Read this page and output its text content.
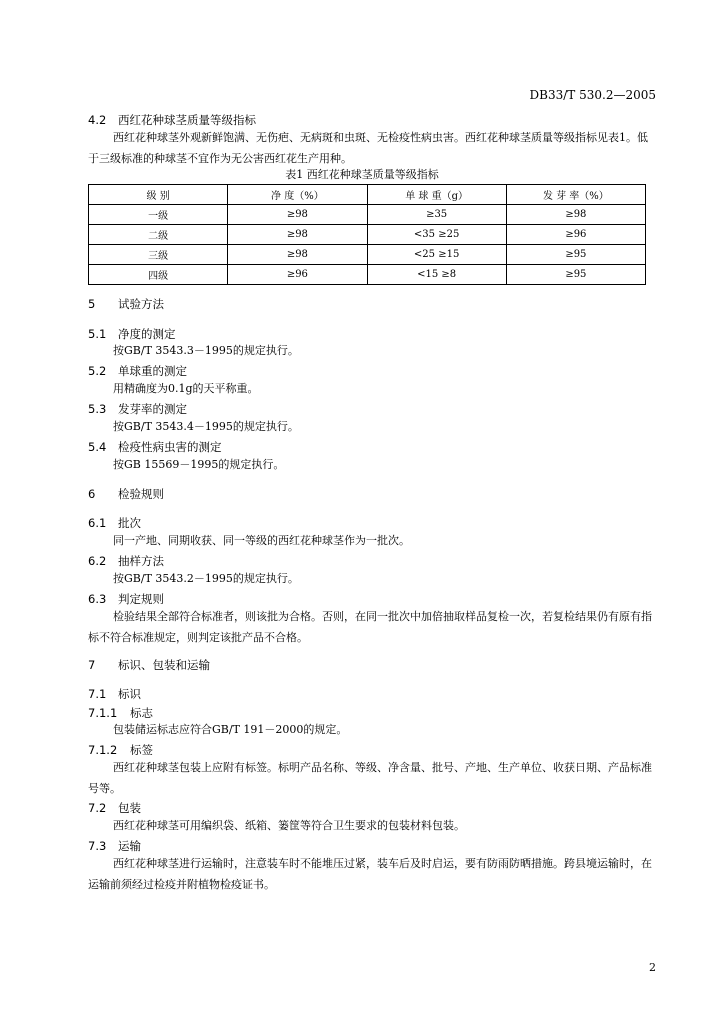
DB33/T 530.2—2005
4.2 西红花种球茎质量等级指标
西红花种球茎外观新鲜饱满、无伤疤、无病斑和虫斑、无检疫性病虫害。西红花种球茎质量等级指标见表1。低于三级标准的种球茎不宜作为无公害西红花生产用种。
表1 西红花种球茎质量等级指标
级 别	净 度（%）	单 球 重（g）	发 芽 率（%）
一级	≥98	≥35	≥98
二级	≥98	<35 ≥25	≥96
三级	≥98	<25 ≥15	≥95
四级	≥96	<15 ≥8	≥95
5 试验方法
5.1 净度的测定
按GB/T 3543.3－1995的规定执行。
5.2 单球重的测定
用精确度为0.1g的天平称重。
5.3 发芽率的测定
按GB/T 3543.4－1995的规定执行。
5.4 检疫性病虫害的测定
按GB 15569－1995的规定执行。
6 检验规则
6.1 批次
同一产地、同期收获、同一等级的西红花种球茎作为一批次。
6.2 抽样方法
按GB/T 3543.2－1995的规定执行。
6.3 判定规则
检验结果全部符合标准者，则该批为合格。否则，在同一批次中加倍抽取样品复检一次，若复检结果仍有原有指标不符合标准规定，则判定该批产品不合格。
7 标识、包装和运输
7.1 标识
7.1.1 标志
包装储运标志应符合GB/T 191－2000的规定。
7.1.2 标签
西红花种球茎包装上应附有标签。标明产品名称、等级、净含量、批号、产地、生产单位、收获日期、产品标准号等。
7.2 包装
西红花种球茎可用编织袋、纸箱、篓筐等符合卫生要求的包装材料包装。
7.3 运输
西红花种球茎进行运输时，注意装车时不能堆压过紧，装车后及时启运，要有防雨防晒措施。跨县境运输时，在运输前须经过检疫并附植物检疫证书。
2
